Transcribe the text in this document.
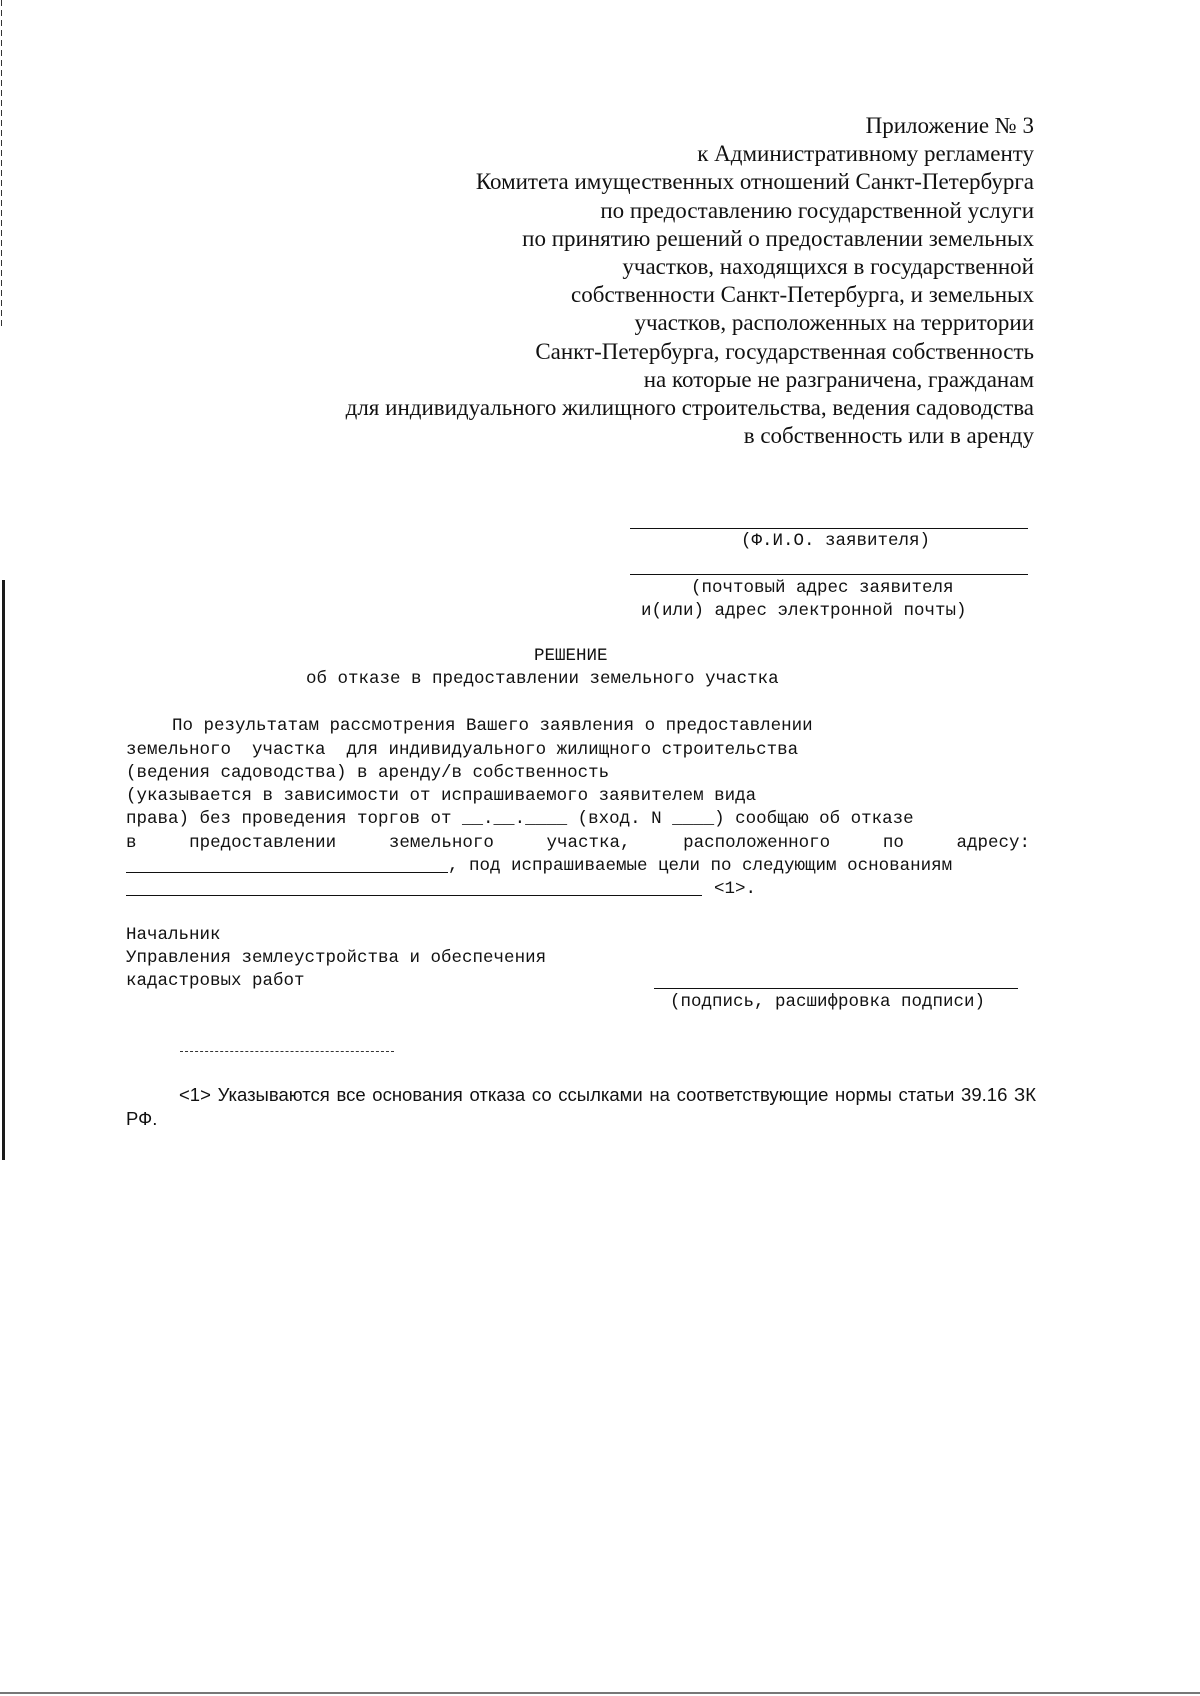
Приложение № 3
к Административному регламенту
Комитета имущественных отношений Санкт-Петербурга
по предоставлению государственной услуги
по принятию решений о предоставлении земельных
участков, находящихся в государственной
собственности Санкт-Петербурга, и земельных
участков, расположенных на территории
Санкт-Петербурга, государственная собственность
на которые не разграничена, гражданам
для индивидуального жилищного строительства, ведения садоводства
в собственность или в аренду
(Ф.И.О. заявителя)
(почтовый адрес заявителя
и(или) адрес электронной почты)
РЕШЕНИЕ
об отказе в предоставлении земельного участка
По результатам рассмотрения Вашего заявления о предоставлении
земельного  участка  для индивидуального жилищного строительства
(ведения садоводства) в аренду/в собственность
(указывается в зависимости от испрашиваемого заявителем вида
права) без проведения торгов от __.__.____ (вход. N ____) сообщаю об отказе
в	предоставлении	земельного	участка,	расположенного	по	адресу:
, под испрашиваемые цели по следующим основаниям
<1>.
Начальник
Управления землеустройства и обеспечения
кадастровых работ
(подпись, расшифровка подписи)
<1> Указываются все основания отказа со ссылками на соответствующие нормы статьи 39.16 ЗК РФ.
